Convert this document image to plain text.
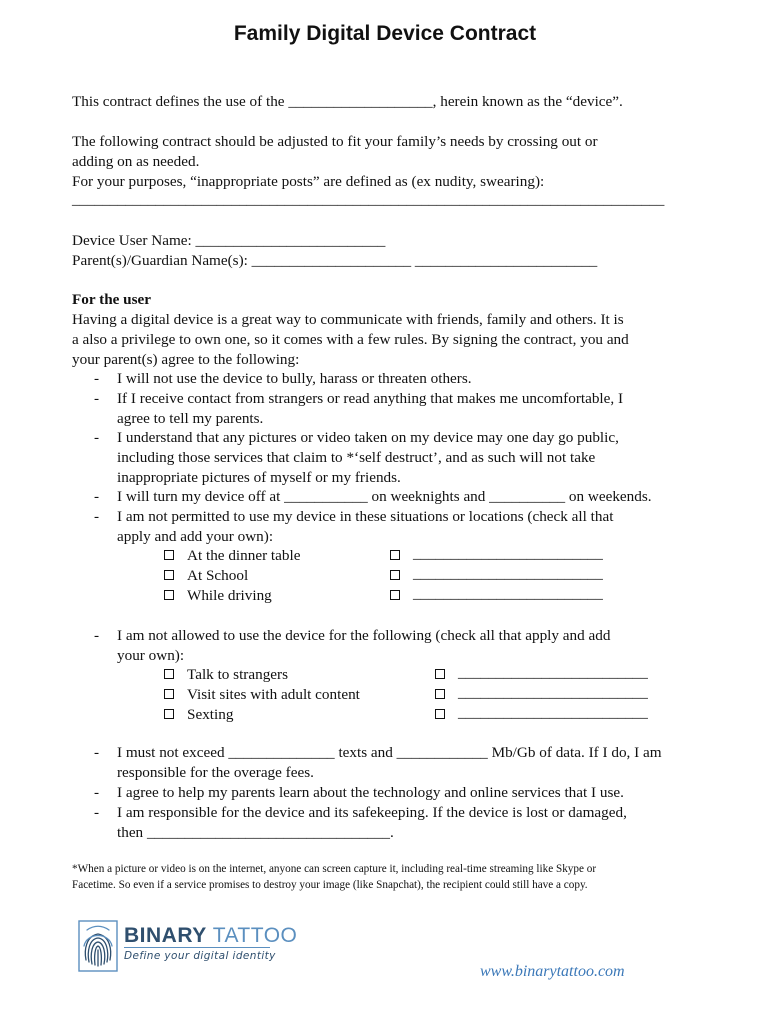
Family Digital Device Contract
This contract defines the use of the ___________________, herein known as the “device”.
The following contract should be adjusted to fit your family’s needs by crossing out or
adding on as needed.
For your purposes, “inappropriate posts” are defined as (ex nudity, swearing):
______________________________________________________________________________
Device User Name: _________________________
Parent(s)/Guardian Name(s): _____________________ ________________________
For the user
Having a digital device is a great way to communicate with friends, family and others. It is
a also a privilege to own one, so it comes with a few rules. By signing the contract, you and
your parent(s) agree to the following:
- I will not use the device to bully, harass or threaten others.
- If I receive contact from strangers or read anything that makes me uncomfortable, I
agree to tell my parents.
- I understand that any pictures or video taken on my device may one day go public,
including those services that claim to *‘self destruct’, and as such will not take
inappropriate pictures of myself or my friends.
- I will turn my device off at ___________ on weeknights and __________ on weekends.
- I am not permitted to use my device in these situations or locations (check all that
apply and add your own):
At the dinner table	_________________________
At School	_________________________
While driving	_________________________
- I am not allowed to use the device for the following (check all that apply and add
your own):
Talk to strangers	_________________________
Visit sites with adult content	_________________________
Sexting	_________________________
- I must not exceed ______________ texts and ____________ Mb/Gb of data. If I do, I am
responsible for the overage fees.
- I agree to help my parents learn about the technology and online services that I use.
- I am responsible for the device and its safekeeping. If the device is lost or damaged,
then ________________________________.
*When a picture or video is on the internet, anyone can screen capture it, including real-time streaming like Skype or
Facetime. So even if a service promises to destroy your image (like Snapchat), the recipient could still have a copy.
BINARY TATTOO
Define your digital identity
www.binarytattoo.com
